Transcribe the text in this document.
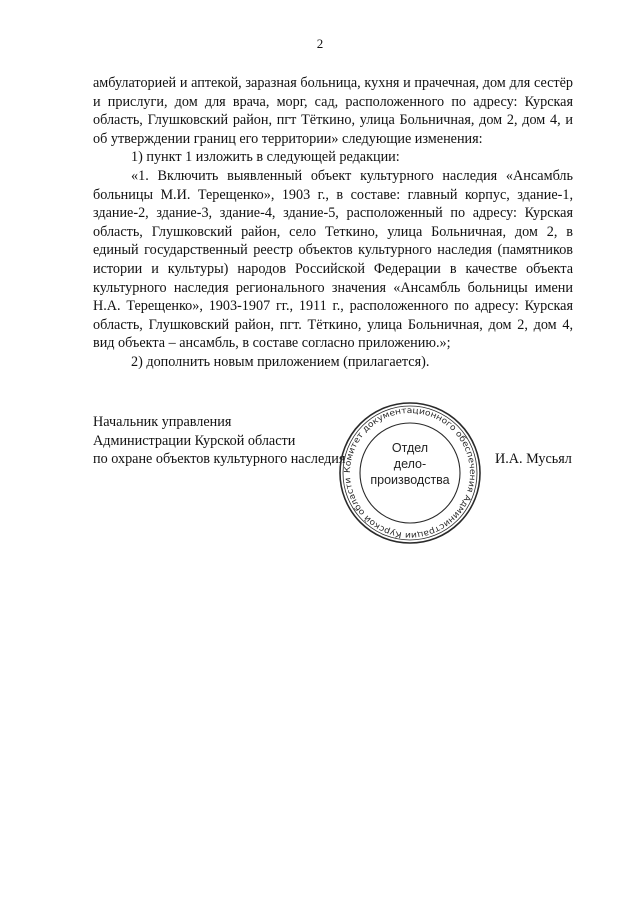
2

амбулаторией и аптекой, заразная больница, кухня и прачечная, дом для сестёр и прислуги, дом для врача, морг, сад, расположенного по адресу: Курская область, Глушковский район, пгт Тёткино, улица Больничная, дом 2, дом 4, и об утверждении границ его территории» следующие изменения:

1) пункт 1 изложить в следующей редакции:

«1. Включить выявленный объект культурного наследия «Ансамбль больницы М.И. Терещенко», 1903 г., в составе: главный корпус, здание-1, здание-2, здание-3, здание-4, здание-5, расположенный по адресу: Курская область, Глушковский район, село Теткино, улица Больничная, дом 2, в единый государственный реестр объектов культурного наследия (памятников истории и культуры) народов Российской Федерации в качестве объекта культурного наследия регионального значения «Ансамбль больницы имени Н.А. Терещенко», 1903-1907 гг., 1911 г., расположенного по адресу: Курская область, Глушковский район, пгт. Тёткино, улица Больничная, дом 2, дом 4, вид объекта – ансамбль, в составе согласно приложению.»;

2) дополнить новым приложением (прилагается).

Начальник управления
Администрации Курской области
по охране объектов культурного наследия
Комитет документационного обеспечения Администрации Курской области
Отдел
дело-
производства
И.А. Мусьял
